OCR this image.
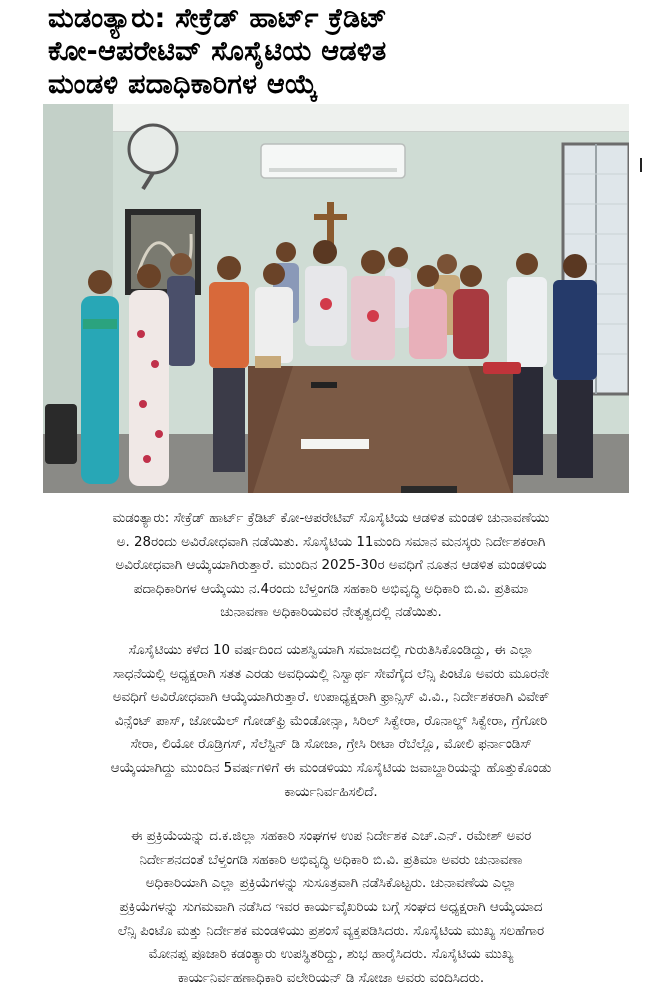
ಮಡಂತ್ಯಾರು: ಸೇಕ್ರೆಡ್ ಹಾರ್ಟ್ ಕ್ರೆಡಿಟ್
ಕೋ-ಆಪರೇಟಿವ್ ಸೊಸೈಟಿಯ ಆಡಳಿತ
ಮಂಡಳಿ ಪದಾಧಿಕಾರಿಗಳ ಆಯ್ಕೆ

ಮಡಂತ್ಯಾರು: ಸೇಕ್ರೆಡ್ ಹಾರ್ಟ್ ಕ್ರೆಡಿಟ್ ಕೋ-ಆಪರೇಟಿವ್ ಸೊಸೈಟಿಯ ಆಡಳಿತ ಮಂಡಳಿ ಚುನಾವಣೆಯು
ಅ. 28ರಂದು ಅವಿರೋಧವಾಗಿ ನಡೆಯಿತು. ಸೊಸೈಟಿಯ 11ಮಂದಿ ಸಮಾನ ಮನಸ್ಕರು ನಿರ್ದೇಶಕರಾಗಿ
ಅವಿರೋಧವಾಗಿ ಆಯ್ಕೆಯಾಗಿರುತ್ತಾರೆ. ಮುಂದಿನ 2025-30ರ ಅವಧಿಗೆ ನೂತನ ಆಡಳಿತ ಮಂಡಳಿಯ
ಪದಾಧಿಕಾರಿಗಳ ಆಯ್ಕೆಯು ನ.4ರಂದು ಬೆಳ್ತಂಗಡಿ ಸಹಕಾರಿ ಅಭಿವೃದ್ಧಿ ಅಧಿಕಾರಿ ಬಿ.ವಿ. ಪ್ರತಿಮಾ
ಚುನಾವಣಾ ಅಧಿಕಾರಿಯವರ ನೇತೃತ್ವದಲ್ಲಿ ನಡೆಯಿತು.

ಸೊಸೈಟಿಯು ಕಳೆದ 10 ವರ್ಷದಿಂದ ಯಶಸ್ವಿಯಾಗಿ ಸಮಾಜದಲ್ಲಿ ಗುರುತಿಸಿಕೊಂಡಿದ್ದು, ಈ ಎಲ್ಲಾ
ಸಾಧನೆಯಲ್ಲಿ ಅಧ್ಯಕ್ಷರಾಗಿ ಸತತ ಎರಡು ಅವಧಿಯಲ್ಲಿ ನಿಸ್ವಾರ್ಥ ಸೇವೆಗೈದ ಲೆನ್ಸಿ ಪಿಂಟೊ ಅವರು ಮೂರನೇ
ಅವಧಿಗೆ ಅವಿರೋಧವಾಗಿ ಆಯ್ಕೆಯಾಗಿರುತ್ತಾರೆ. ಉಪಾಧ್ಯಕ್ಷರಾಗಿ ಫ್ರಾನ್ಸಿಸ್ ವಿ.ವಿ., ನಿರ್ದೇಶಕರಾಗಿ ವಿವೇಕ್
ವಿನ್ಸೆಂಟ್ ಪಾಸ್, ಜೋಯೆಲ್ ಗೋಡ್‌ಫ್ರಿ ಮೆಂಡೋನ್ಸಾ, ಸಿರಿಲ್ ಸಿಕ್ವೇರಾ, ರೊನಾಲ್ಡ್ ಸಿಕ್ವೇರಾ, ಗ್ರೆಗೋರಿ
ಸೇರಾ, ಲಿಯೋ ರೊಡ್ರಿಗಸ್, ಸೆಲೆಸ್ಟಿನ್ ಡಿ ಸೋಜಾ, ಗ್ರೇಸಿ ರೀಟಾ ರೆಬೆಲ್ಲೊ, ಮೋಲಿ ಫರ್ನಾಂಡಿಸ್
ಆಯ್ಕೆಯಾಗಿದ್ದು ಮುಂದಿನ 5ವರ್ಷಗಳಿಗೆ ಈ ಮಂಡಳಿಯು ಸೊಸೈಟಿಯ ಜವಾಬ್ದಾರಿಯನ್ನು ಹೊತ್ತುಕೊಂಡು
ಕಾರ್ಯನಿರ್ವಹಿಸಲಿದೆ.

ಈ ಪ್ರಕ್ರಿಯೆಯನ್ನು ದ.ಕ.ಜಿಲ್ಲಾ ಸಹಕಾರಿ ಸಂಘಗಳ ಉಪ ನಿರ್ದೇಶಕ ಎಚ್.ಎನ್. ರಮೇಶ್ ಅವರ
ನಿರ್ದೇಶನದಂತೆ ಬೆಳ್ತಂಗಡಿ ಸಹಕಾರಿ ಅಭಿವೃದ್ಧಿ ಅಧಿಕಾರಿ ಬಿ.ವಿ. ಪ್ರತಿಮಾ ಅವರು ಚುನಾವಣಾ
ಅಧಿಕಾರಿಯಾಗಿ ಎಲ್ಲಾ ಪ್ರಕ್ರಿಯೆಗಳನ್ನು ಸುಸೂತ್ರವಾಗಿ ನಡೆಸಿಕೊಟ್ಟರು. ಚುನಾವಣೆಯ ಎಲ್ಲಾ
ಪ್ರಕ್ರಿಯೆಗಳನ್ನು ಸುಗಮವಾಗಿ ನಡೆಸಿದ ಇವರ ಕಾರ್ಯವೈಖರಿಯ ಬಗ್ಗೆ ಸಂಘದ ಅಧ್ಯಕ್ಷರಾಗಿ ಆಯ್ಕೆಯಾದ
ಲೆನ್ಸಿ ಪಿಂಟೊ ಮತ್ತು ನಿರ್ದೇಶಕ ಮಂಡಳಿಯು ಪ್ರಶಂಸೆ ವ್ಯಕ್ತಪಡಿಸಿದರು. ಸೊಸೈಟಿಯ ಮುಖ್ಯ ಸಲಹೆಗಾರ
ಮೋನಪ್ಪ ಪೂಜಾರಿ ಕಡಂತ್ಯಾರು ಉಪಸ್ಥಿತರಿದ್ದು, ಶುಭ ಹಾರೈಸಿದರು. ಸೊಸೈಟಿಯ ಮುಖ್ಯ
ಕಾರ್ಯನಿರ್ವಹಣಾಧಿಕಾರಿ ವಲೇರಿಯನ್ ಡಿ ಸೋಜಾ ಅವರು ವಂದಿಸಿದರು.
